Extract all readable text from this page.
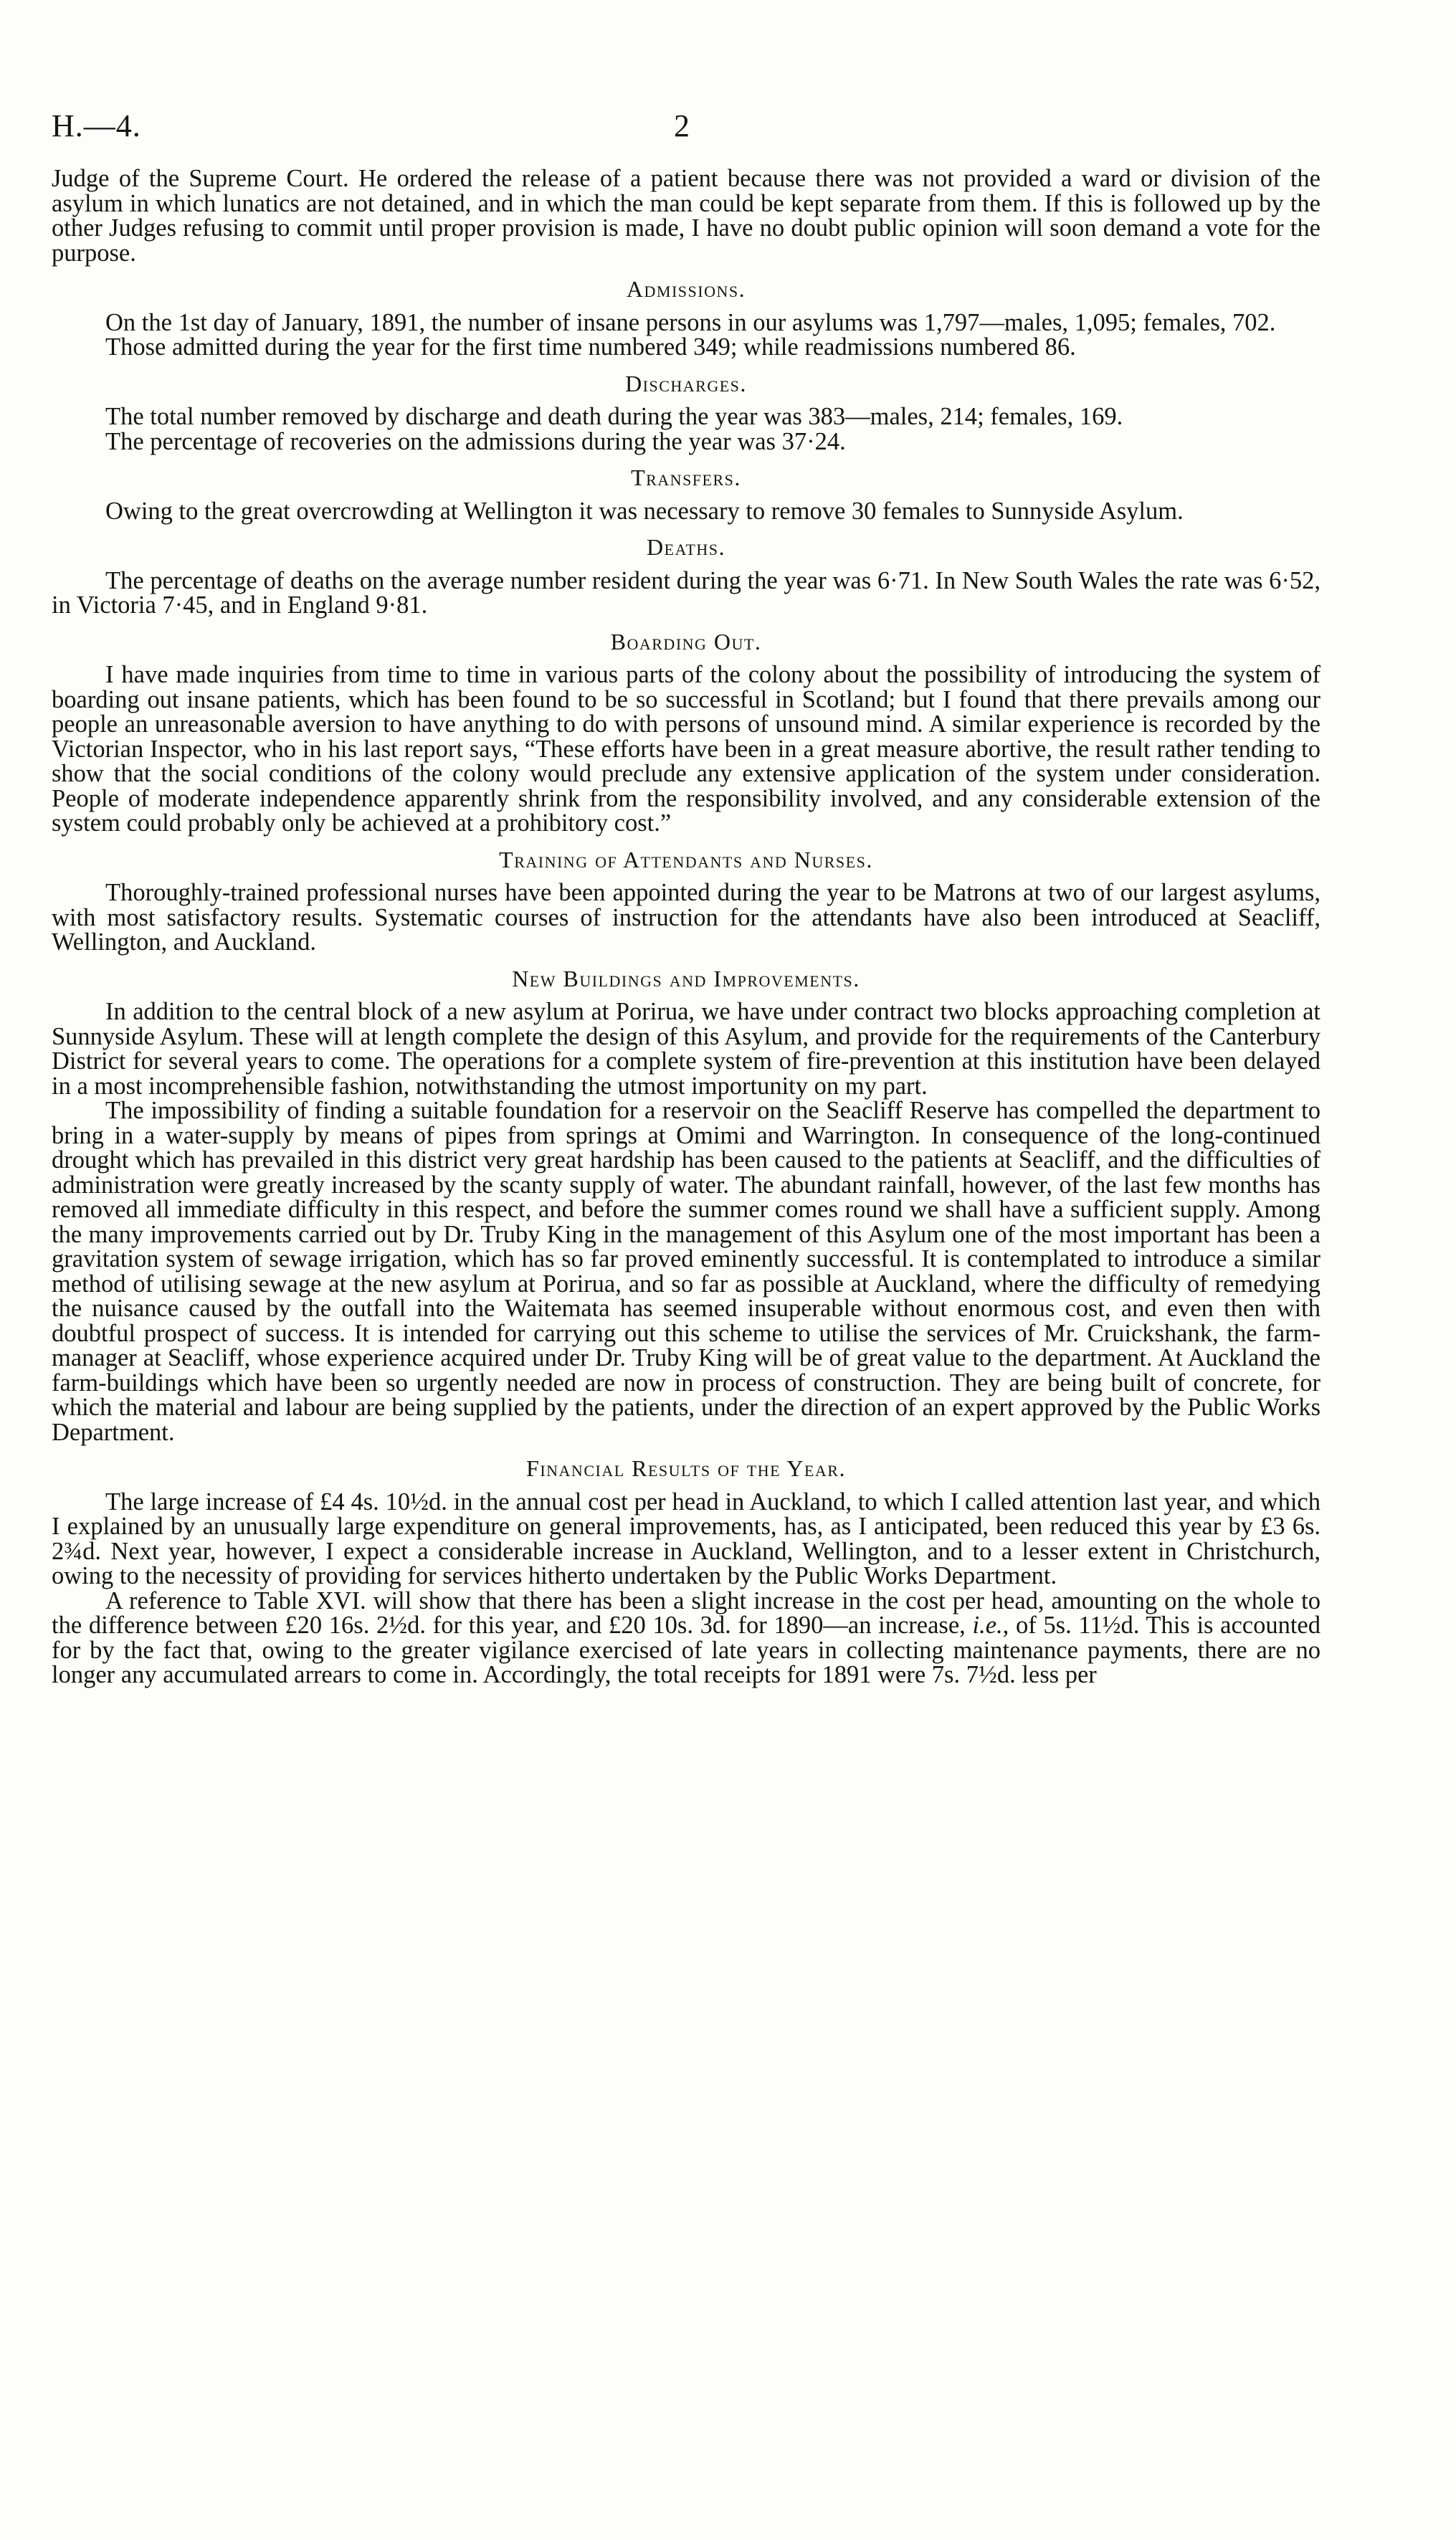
H.—4.	2

Judge of the Supreme Court. He ordered the release of a patient because there was not provided a ward or division of the asylum in which lunatics are not detained, and in which the man could be kept separate from them. If this is followed up by the other Judges refusing to commit until proper provision is made, I have no doubt public opinion will soon demand a vote for the purpose.

Admissions.

On the 1st day of January, 1891, the number of insane persons in our asylums was 1,797—males, 1,095; females, 702.

Those admitted during the year for the first time numbered 349; while readmissions numbered 86.

Discharges.

The total number removed by discharge and death during the year was 383—males, 214; females, 169.

The percentage of recoveries on the admissions during the year was 37·24.

Transfers.

Owing to the great overcrowding at Wellington it was necessary to remove 30 females to Sunnyside Asylum.

Deaths.

The percentage of deaths on the average number resident during the year was 6·71. In New South Wales the rate was 6·52, in Victoria 7·45, and in England 9·81.

Boarding Out.

I have made inquiries from time to time in various parts of the colony about the possibility of introducing the system of boarding out insane patients, which has been found to be so successful in Scotland; but I found that there prevails among our people an unreasonable aversion to have anything to do with persons of unsound mind. A similar experience is recorded by the Victorian Inspector, who in his last report says, “These efforts have been in a great measure abortive, the result rather tending to show that the social conditions of the colony would preclude any extensive application of the system under consideration. People of moderate independence apparently shrink from the responsibility involved, and any considerable extension of the system could probably only be achieved at a prohibitory cost.”

Training of Attendants and Nurses.

Thoroughly-trained professional nurses have been appointed during the year to be Matrons at two of our largest asylums, with most satisfactory results. Systematic courses of instruction for the attendants have also been introduced at Seacliff, Wellington, and Auckland.

New Buildings and Improvements.

In addition to the central block of a new asylum at Porirua, we have under contract two blocks approaching completion at Sunnyside Asylum. These will at length complete the design of this Asylum, and provide for the requirements of the Canterbury District for several years to come. The operations for a complete system of fire-prevention at this institution have been delayed in a most incomprehensible fashion, notwithstanding the utmost importunity on my part.

The impossibility of finding a suitable foundation for a reservoir on the Seacliff Reserve has compelled the department to bring in a water-supply by means of pipes from springs at Omimi and Warrington. In consequence of the long-continued drought which has prevailed in this district very great hardship has been caused to the patients at Seacliff, and the difficulties of administration were greatly increased by the scanty supply of water. The abundant rainfall, however, of the last few months has removed all immediate difficulty in this respect, and before the summer comes round we shall have a sufficient supply. Among the many improvements carried out by Dr. Truby King in the management of this Asylum one of the most important has been a gravitation system of sewage irrigation, which has so far proved eminently successful. It is contemplated to introduce a similar method of utilising sewage at the new asylum at Porirua, and so far as possible at Auckland, where the difficulty of remedying the nuisance caused by the outfall into the Waitemata has seemed insuperable without enormous cost, and even then with doubtful prospect of success. It is intended for carrying out this scheme to utilise the services of Mr. Cruickshank, the farm-manager at Seacliff, whose experience acquired under Dr. Truby King will be of great value to the department. At Auckland the farm-buildings which have been so urgently needed are now in process of construction. They are being built of concrete, for which the material and labour are being supplied by the patients, under the direction of an expert approved by the Public Works Department.

Financial Results of the Year.

The large increase of £4 4s. 10½d. in the annual cost per head in Auckland, to which I called attention last year, and which I explained by an unusually large expenditure on general improvements, has, as I anticipated, been reduced this year by £3 6s. 2¾d. Next year, however, I expect a considerable increase in Auckland, Wellington, and to a lesser extent in Christchurch, owing to the necessity of providing for services hitherto undertaken by the Public Works Department.

A reference to Table XVI. will show that there has been a slight increase in the cost per head, amounting on the whole to the difference between £20 16s. 2½d. for this year, and £20 10s. 3d. for 1890—an increase, i.e., of 5s. 11½d. This is accounted for by the fact that, owing to the greater vigilance exercised of late years in collecting maintenance payments, there are no longer any accumulated arrears to come in. Accordingly, the total receipts for 1891 were 7s. 7½d. less per
